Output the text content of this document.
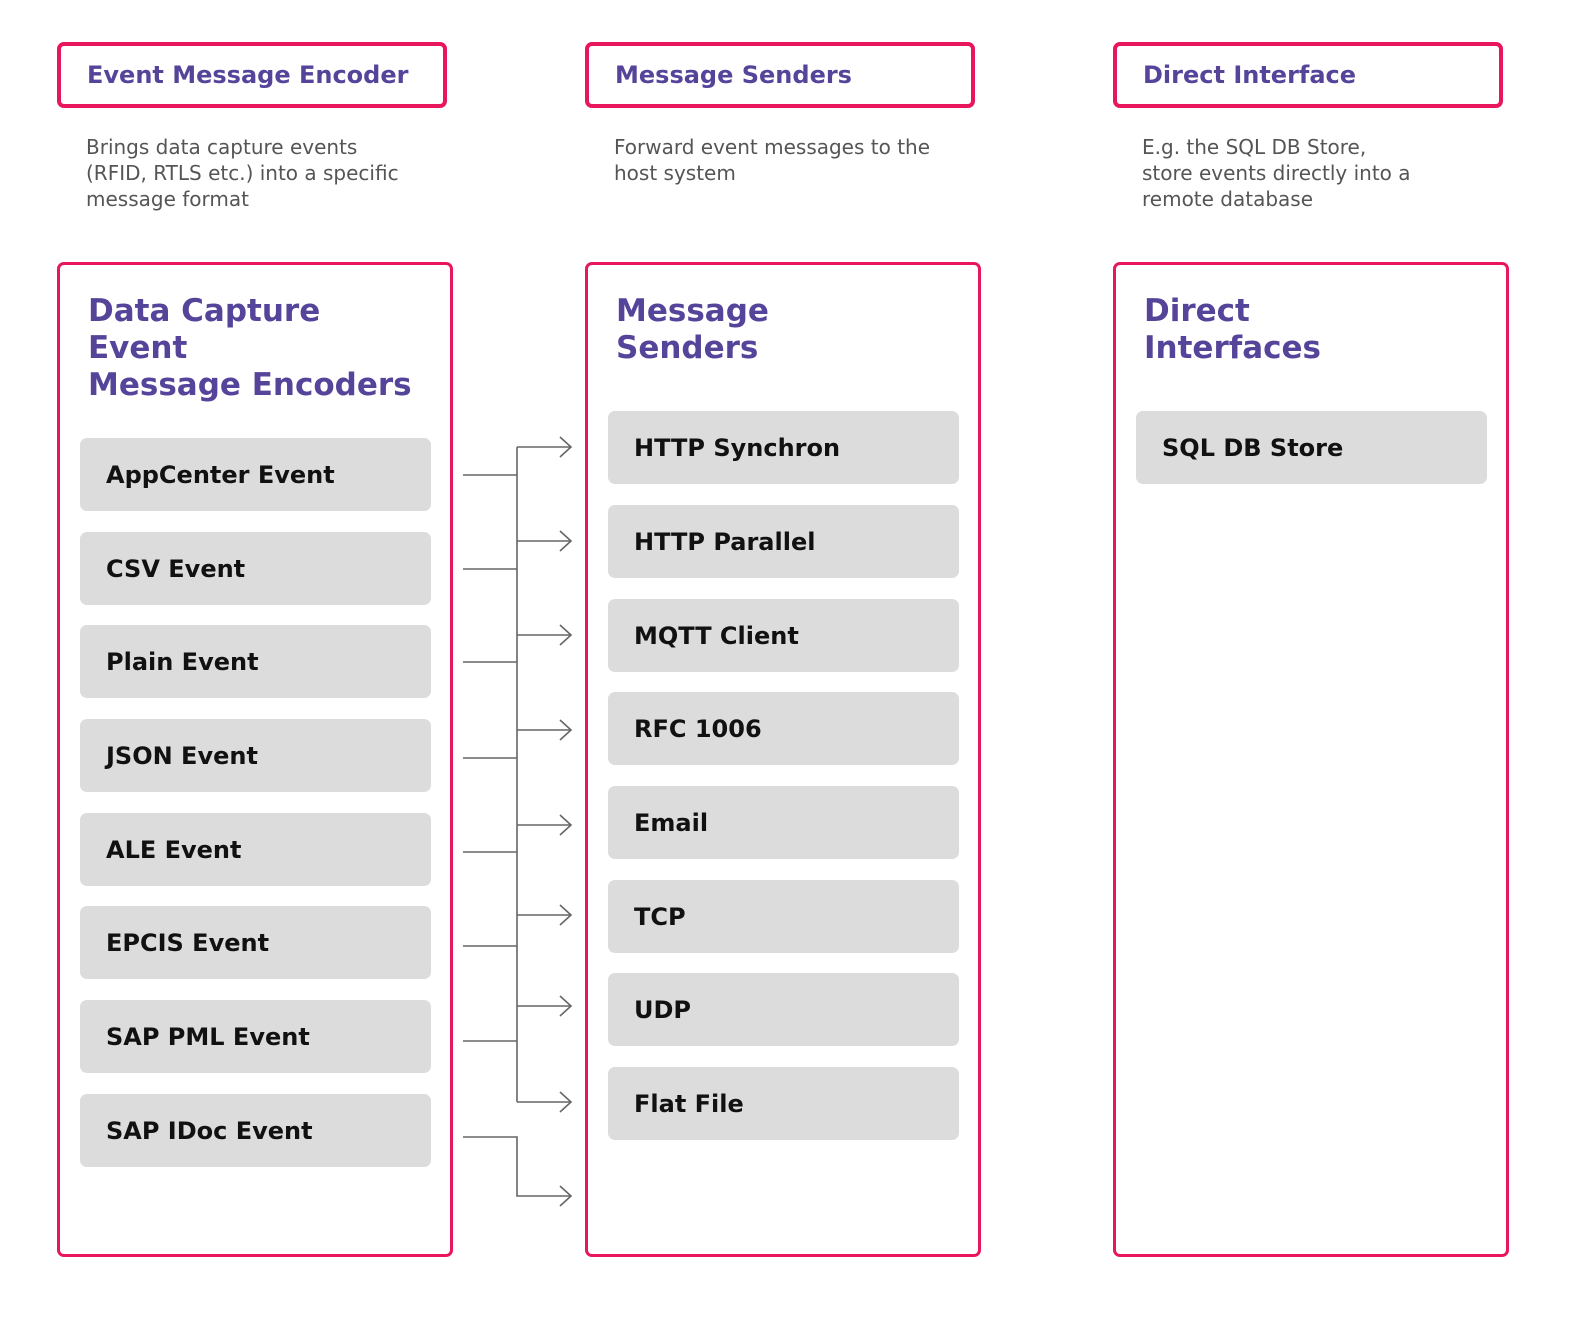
Event Message Encoder
Brings data capture events
(RFID, RTLS etc.) into a specific
message format
Data Capture Event
Message Encoders
AppCenter Event
CSV Event
Plain Event
JSON Event
ALE Event
EPCIS Event
SAP PML Event
SAP IDoc Event
Message Senders
Forward event messages to the
host system
Message
Senders
HTTP Synchron
HTTP Parallel
MQTT Client
RFC 1006
Email
TCP
UDP
Flat File
Direct Interface
E.g. the SQL DB Store,
store events directly into a
remote database
Direct
Interfaces
SQL DB Store
